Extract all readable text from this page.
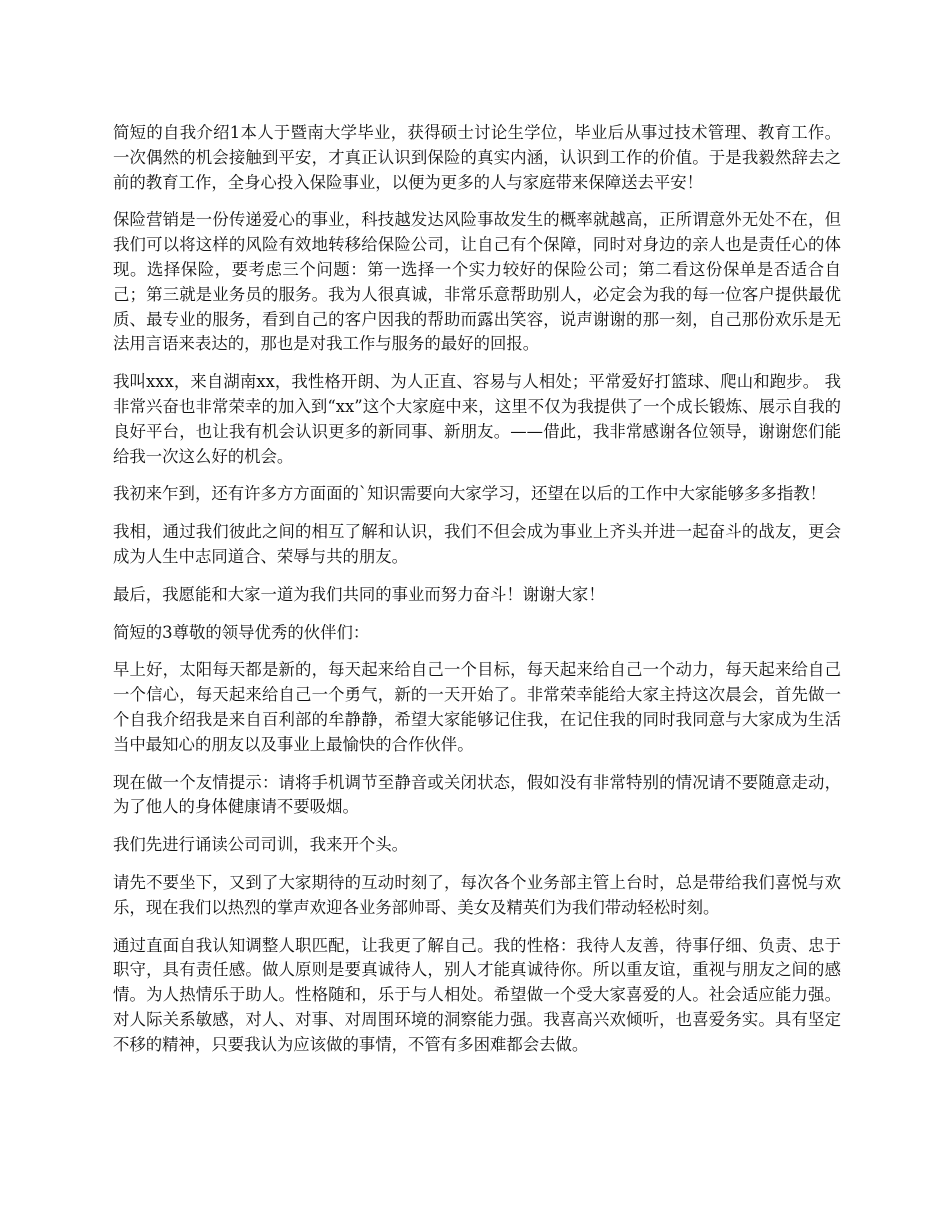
简短的自我介绍1本人于暨南大学毕业，获得硕士讨论生学位，毕业后从事过技术管理、教育工作。一次偶然的机会接触到平安，才真正认识到保险的真实内涵，认识到工作的价值。于是我毅然辞去之前的教育工作，全身心投入保险事业，以便为更多的人与家庭带来保障送去平安！

保险营销是一份传递爱心的事业，科技越发达风险事故发生的概率就越高，正所谓意外无处不在，但我们可以将这样的风险有效地转移给保险公司，让自己有个保障，同时对身边的亲人也是责任心的体现。选择保险，要考虑三个问题：第一选择一个实力较好的保险公司；第二看这份保单是否适合自己；第三就是业务员的服务。我为人很真诚，非常乐意帮助别人，必定会为我的每一位客户提供最优质、最专业的服务，看到自己的客户因我的帮助而露出笑容，说声谢谢的那一刻，自己那份欢乐是无法用言语来表达的，那也是对我工作与服务的最好的回报。

我叫xxx，来自湖南xx，我性格开朗、为人正直、容易与人相处；平常爱好打篮球、爬山和跑步。 我非常兴奋也非常荣幸的加入到“xx”这个大家庭中来，这里不仅为我提供了一个成长锻炼、展示自我的良好平台，也让我有机会认识更多的新同事、新朋友。——借此，我非常感谢各位领导，谢谢您们能给我一次这么好的机会。

我初来乍到，还有许多方方面面的`知识需要向大家学习，还望在以后的工作中大家能够多多指教！

我相，通过我们彼此之间的相互了解和认识，我们不但会成为事业上齐头并进一起奋斗的战友，更会成为人生中志同道合、荣辱与共的朋友。

最后，我愿能和大家一道为我们共同的事业而努力奋斗！谢谢大家！

简短的3尊敬的领导优秀的伙伴们：

早上好，太阳每天都是新的，每天起来给自己一个目标，每天起来给自己一个动力，每天起来给自己一个信心，每天起来给自己一个勇气，新的一天开始了。非常荣幸能给大家主持这次晨会，首先做一个自我介绍我是来自百利部的牟静静，希望大家能够记住我，在记住我的同时我同意与大家成为生活当中最知心的朋友以及事业上最愉快的合作伙伴。

现在做一个友情提示：请将手机调节至静音或关闭状态，假如没有非常特别的情况请不要随意走动，为了他人的身体健康请不要吸烟。

我们先进行诵读公司司训，我来开个头。

请先不要坐下，又到了大家期待的互动时刻了，每次各个业务部主管上台时，总是带给我们喜悦与欢乐，现在我们以热烈的掌声欢迎各业务部帅哥、美女及精英们为我们带动轻松时刻。

通过直面自我认知调整人职匹配，让我更了解自己。我的性格：我待人友善，待事仔细、负责、忠于职守，具有责任感。做人原则是要真诚待人，别人才能真诚待你。所以重友谊，重视与朋友之间的感情。为人热情乐于助人。性格随和，乐于与人相处。希望做一个受大家喜爱的人。社会适应能力强。对人际关系敏感，对人、对事、对周围环境的洞察能力强。我喜高兴欢倾听，也喜爱务实。具有坚定不移的精神，只要我认为应该做的事情，不管有多困难都会去做。
